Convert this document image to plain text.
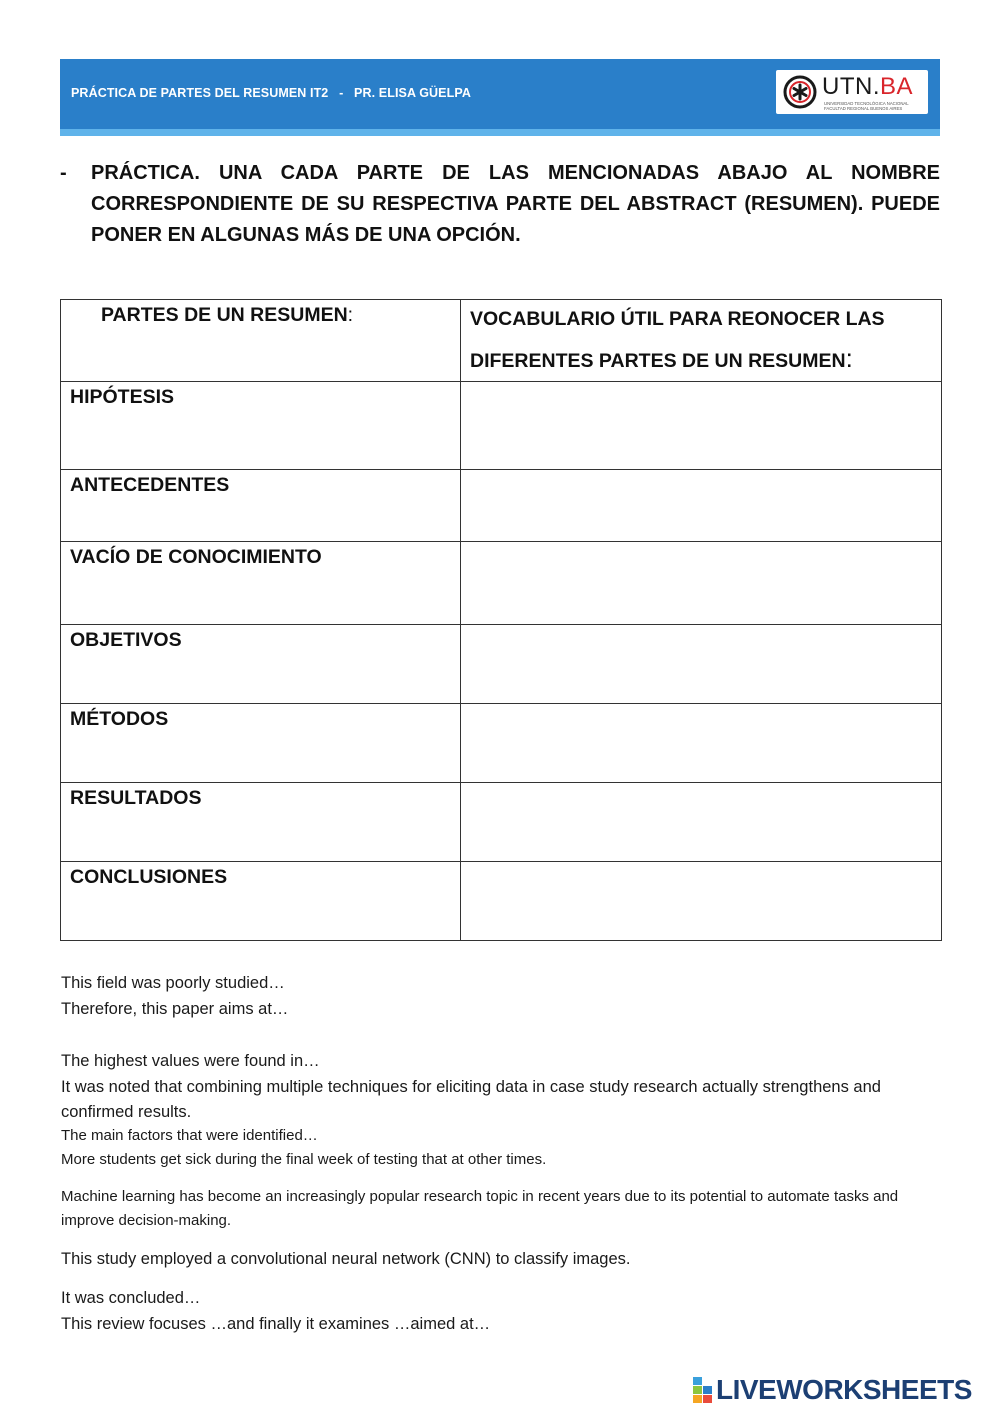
PRÁCTICA DE PARTES DEL RESUMEN IT2   -   PR. ELISA GÜELPA	UTN.BA
UNIVERSIDAD TECNOLÓGICA NACIONAL
FACULTAD REGIONAL BUENOS AIRES
- PRÁCTICA. UNA CADA PARTE DE LAS MENCIONADAS ABAJO AL NOMBRE CORRESPONDIENTE DE SU RESPECTIVA PARTE DEL ABSTRACT (RESUMEN). PUEDE PONER EN ALGUNAS MÁS DE UNA OPCIÓN.
PARTES DE UN RESUMEN:	VOCABULARIO ÚTIL PARA REONOCER LAS DIFERENTES PARTES DE UN RESUMEN:
HIPÓTESIS	
ANTECEDENTES	
VACÍO DE CONOCIMIENTO	
OBJETIVOS	
MÉTODOS	
RESULTADOS	
CONCLUSIONES	
This field was poorly studied…
Therefore, this paper aims at…
The highest values were found in…
It was noted that combining multiple techniques for eliciting data in case study research actually strengthens and confirmed results.
The main factors that were identified…
More students get sick during the final week of testing that at other times.
Machine learning has become an increasingly popular research topic in recent years due to its potential to automate tasks and improve decision-making.
This study employed a convolutional neural network (CNN) to classify images.
It was concluded…
This review focuses …and finally it examines …aimed at…
LIVEWORKSHEETS
